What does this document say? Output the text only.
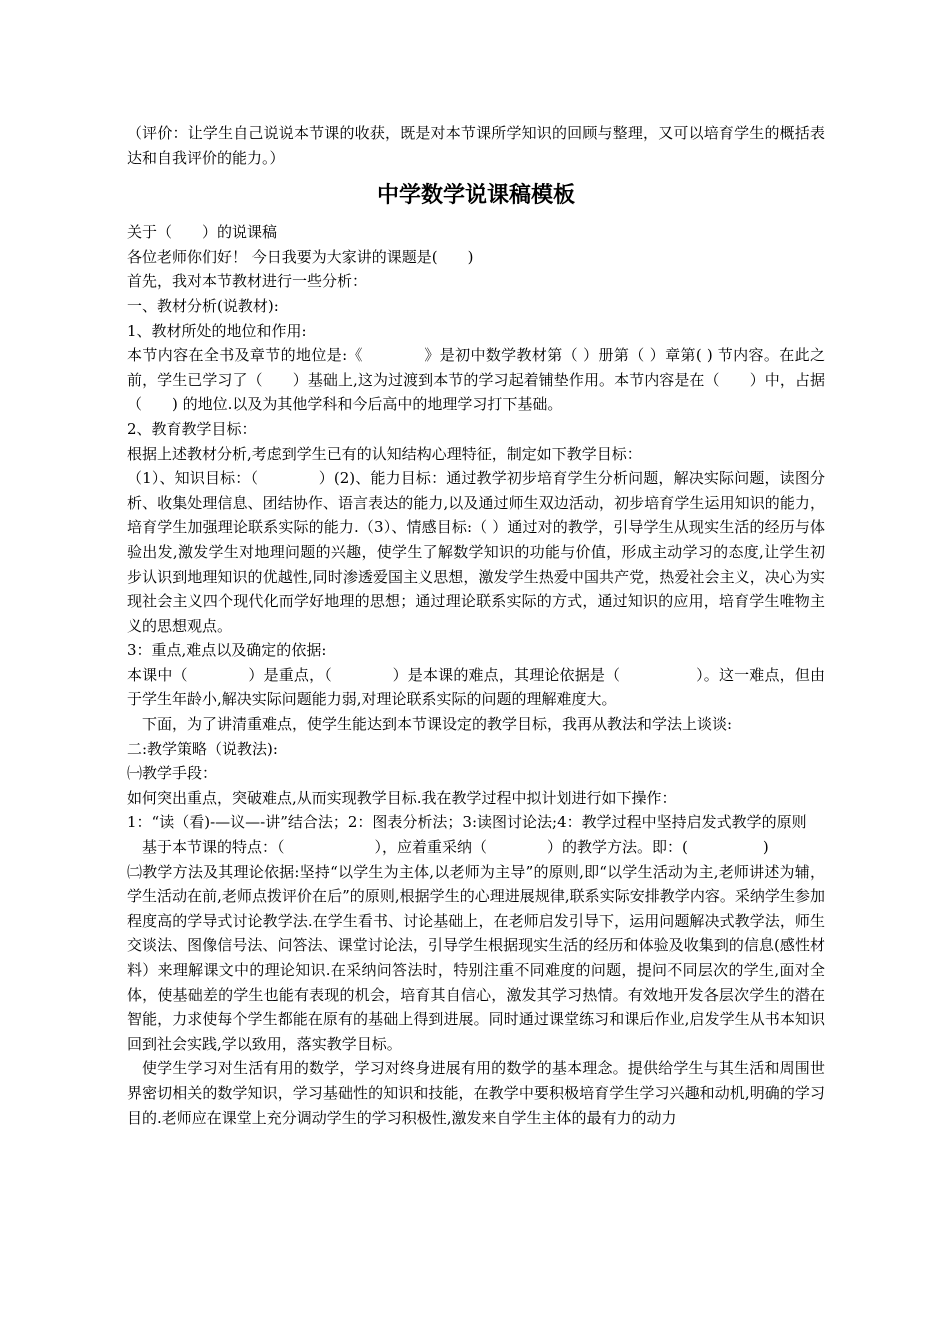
（评价：让学生自己说说本节课的收获，既是对本节课所学知识的回顾与整理，又可以培育学生的概括表达和自我评价的能力。）

中学数学说课稿模板

关于（　　）的说课稿

各位老师你们好！ 今日我要为大家讲的课题是(　　)

首先，我对本节教材进行一些分析：

一、教材分析(说教材):

1、教材所处的地位和作用:

本节内容在全书及章节的地位是:《　　　　》是初中数学教材第（ ）册第（ ）章第( ) 节内容。在此之前，学生已学习了（　　）基础上,这为过渡到本节的学习起着铺垫作用。本节内容是在（　　）中，占据（　　) 的地位.以及为其他学科和今后高中的地理学习打下基础。

2、教育教学目标：

根据上述教材分析,考虑到学生已有的认知结构心理特征，制定如下教学目标：

（1）、知识目标：（　　　　）(2)、能力目标：通过教学初步培育学生分析问题，解决实际问题，读图分析、收集处理信息、团结协作、语言表达的能力,以及通过师生双边活动，初步培育学生运用知识的能力，培育学生加强理论联系实际的能力.（3）、情感目标:（ ）通过对的教学，引导学生从现实生活的经历与体验出发,激发学生对地理问题的兴趣，使学生了解数学知识的功能与价值，形成主动学习的态度,让学生初步认识到地理知识的优越性,同时渗透爱国主义思想，激发学生热爱中国共产党，热爱社会主义，决心为实现社会主义四个现代化而学好地理的思想；通过理论联系实际的方式，通过知识的应用，培育学生唯物主义的思想观点。

3：重点,难点以及确定的依据:

本课中（　　　　）是重点，（　　　　）是本课的难点，其理论依据是（　　　　　）。这一难点，但由于学生年龄小,解决实际问题能力弱,对理论联系实际的问题的理解难度大。

下面，为了讲清重难点，使学生能达到本节课设定的教学目标，我再从教法和学法上谈谈:

二:教学策略（说教法):

㈠教学手段：

如何突出重点，突破难点,从而实现教学目标.我在教学过程中拟计划进行如下操作：

1：“读（看)-—议—-讲”结合法；2：图表分析法；3:读图讨论法;4：教学过程中坚持启发式教学的原则

基于本节课的特点：（　　　　　　），应着重采纳（　　　　）的教学方法。即：(　　　　　)

㈡教学方法及其理论依据:坚持“以学生为主体,以老师为主导”的原则,即“以学生活动为主,老师讲述为辅，学生活动在前,老师点拨评价在后”的原则,根据学生的心理进展规律,联系实际安排教学内容。采纳学生参加程度高的学导式讨论教学法.在学生看书、讨论基础上，在老师启发引导下，运用问题解决式教学法，师生交谈法、图像信号法、问答法、课堂讨论法，引导学生根据现实生活的经历和体验及收集到的信息(感性材料）来理解课文中的理论知识.在采纳问答法时，特别注重不同难度的问题，提问不同层次的学生,面对全体，使基础差的学生也能有表现的机会，培育其自信心，激发其学习热情。有效地开发各层次学生的潜在智能，力求使每个学生都能在原有的基础上得到进展。同时通过课堂练习和课后作业,启发学生从书本知识回到社会实践,学以致用，落实教学目标。

使学生学习对生活有用的数学，学习对终身进展有用的数学的基本理念。提供给学生与其生活和周围世界密切相关的数学知识，学习基础性的知识和技能，在教学中要积极培育学生学习兴趣和动机,明确的学习目的.老师应在课堂上充分调动学生的学习积极性,激发来自学生主体的最有力的动力
